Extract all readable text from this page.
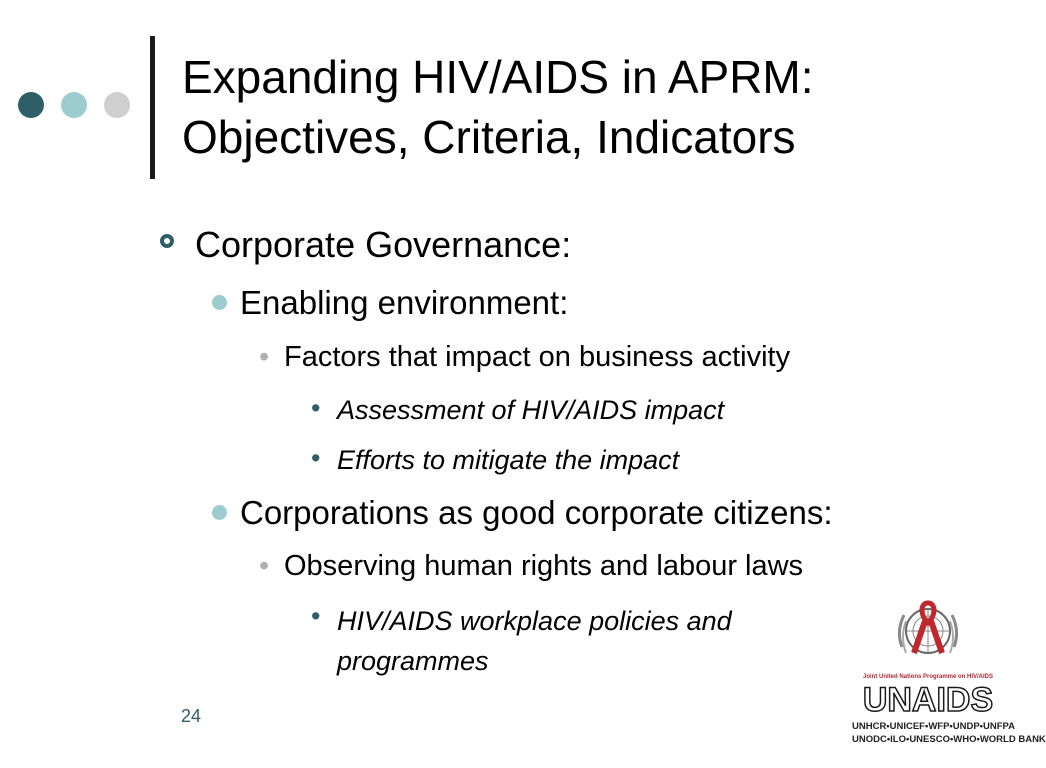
Expanding HIV/AIDS in APRM:
Objectives, Criteria, Indicators
Corporate Governance:
Enabling environment:
• Factors that impact on business activity
• Assessment of HIV/AIDS impact
• Efforts to mitigate the impact
Corporations as good corporate citizens:
• Observing human rights and labour laws
• HIV/AIDS workplace policies and
programmes
24
Joint United Nations Programme on HIV/AIDS
UNAIDS
UNHCR•UNICEF•WFP•UNDP•UNFPA
UNODC•ILO•UNESCO•WHO•WORLD BANK
